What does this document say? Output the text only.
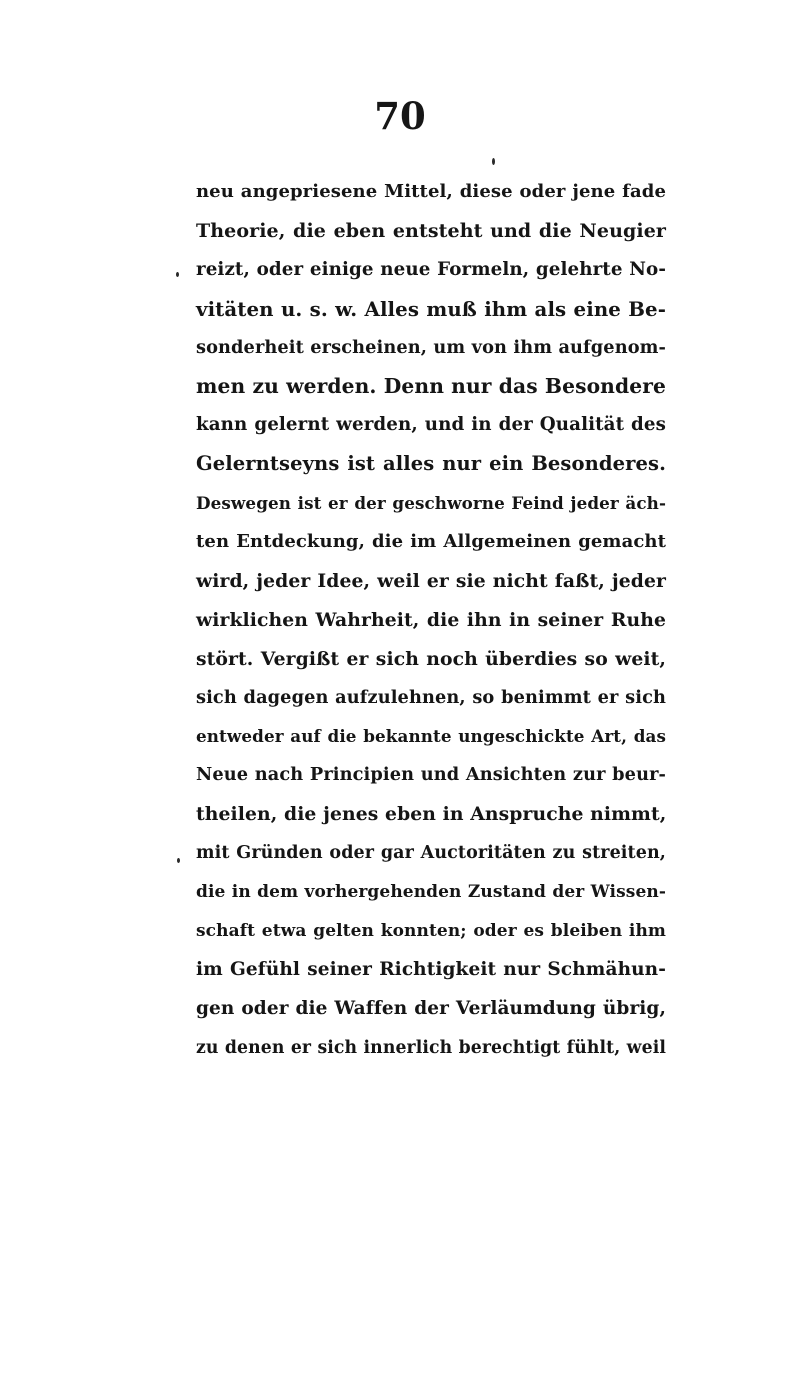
70
neu angepriesene Mittel, diese oder jene fade
Theorie, die eben entsteht und die Neugier
reizt, oder einige neue Formeln, gelehrte No-
vitäten u. s. w. Alles muß ihm als eine Be-
sonderheit erscheinen, um von ihm aufgenom-
men zu werden. Denn nur das Besondere
kann gelernt werden, und in der Qualität des
Gelerntseyns ist alles nur ein Besonderes.
Deswegen ist er der geschworne Feind jeder äch-
ten Entdeckung, die im Allgemeinen gemacht
wird, jeder Idee, weil er sie nicht faßt, jeder
wirklichen Wahrheit, die ihn in seiner Ruhe
stört. Vergißt er sich noch überdies so weit,
sich dagegen aufzulehnen, so benimmt er sich
entweder auf die bekannte ungeschickte Art, das
Neue nach Principien und Ansichten zur beur-
theilen, die jenes eben in Anspruche nimmt,
mit Gründen oder gar Auctoritäten zu streiten,
die in dem vorhergehenden Zustand der Wissen-
schaft etwa gelten konnten; oder es bleiben ihm
im Gefühl seiner Richtigkeit nur Schmähun-
gen oder die Waffen der Verläumdung übrig,
zu denen er sich innerlich berechtigt fühlt, weil
